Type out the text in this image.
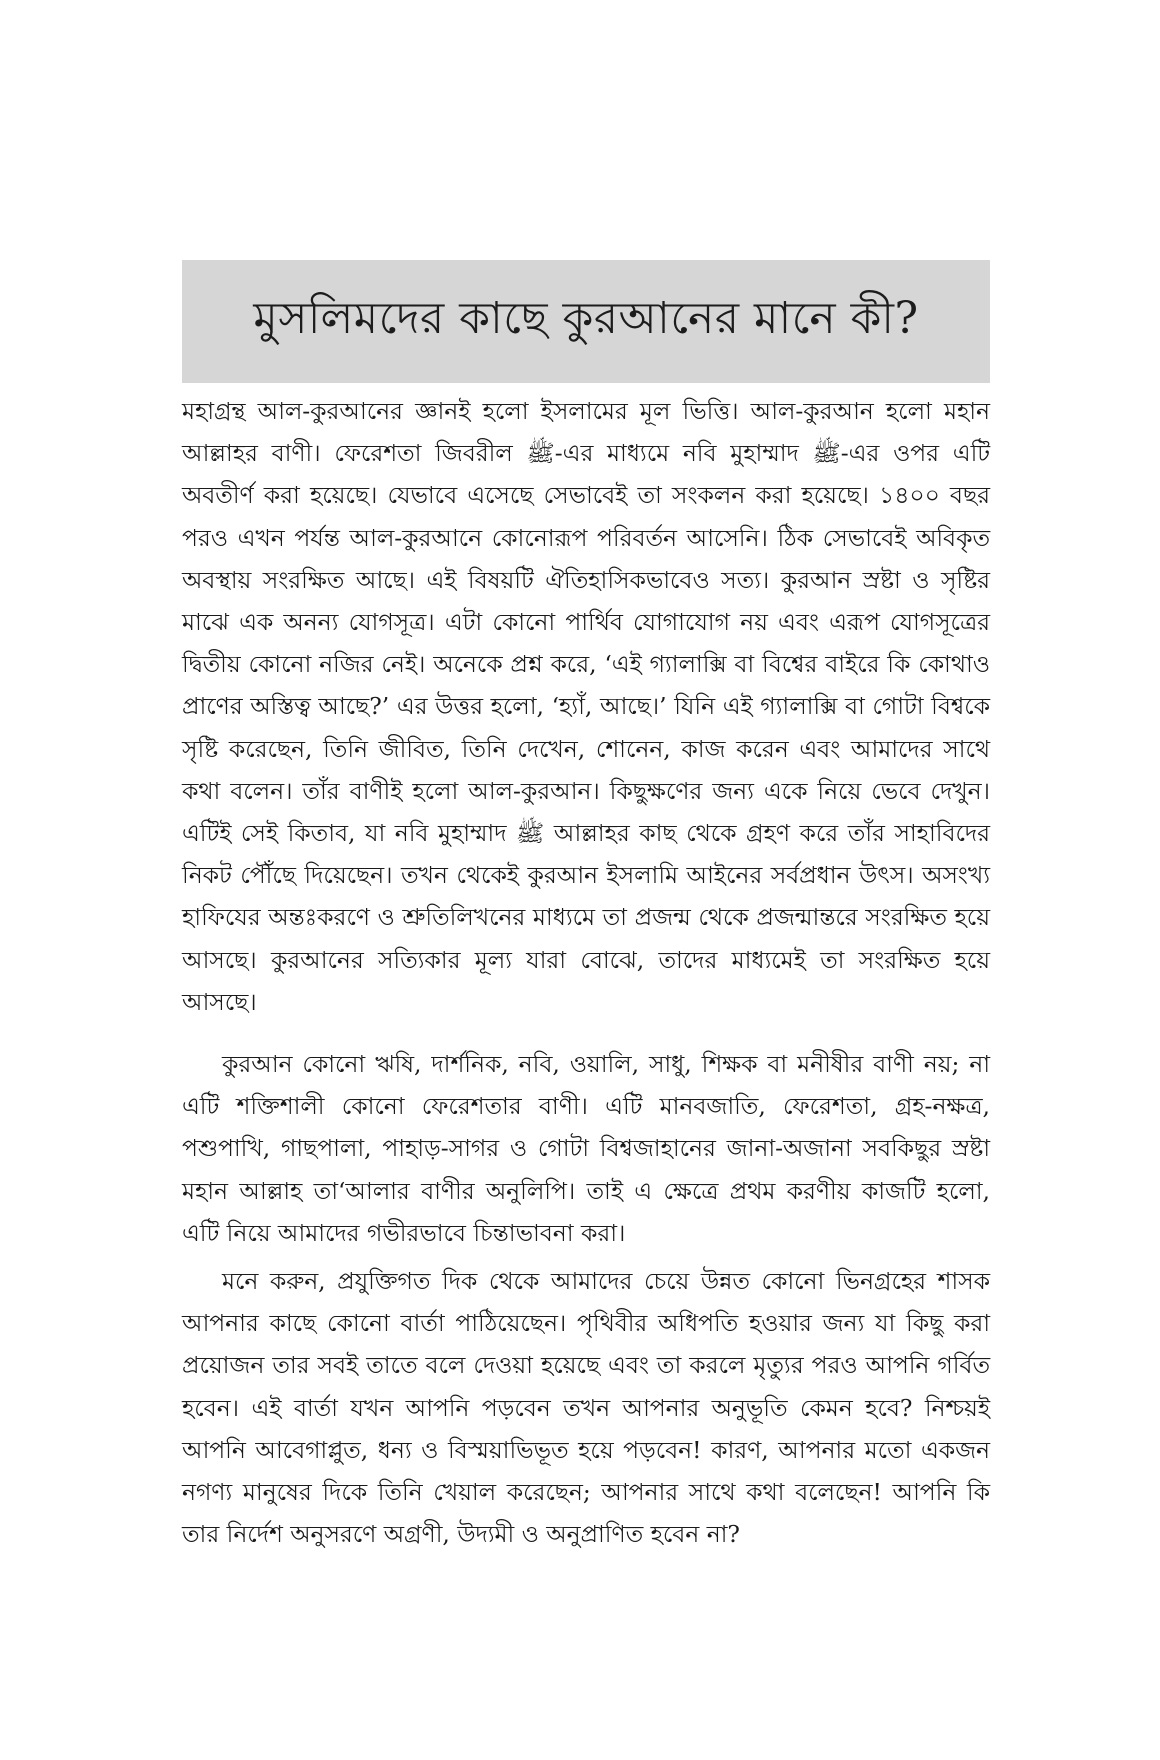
মুসলিমদের কাছে কুরআনের মানে কী?

মহাগ্রন্থ আল-কুরআনের জ্ঞানই হলো ইসলামের মূল ভিত্তি। আল-কুরআন হলো মহান আল্লাহর বাণী। ফেরেশতা জিবরীল ﷺ-এর মাধ্যমে নবি মুহাম্মাদ ﷺ-এর ওপর এটি অবতীর্ণ করা হয়েছে। যেভাবে এসেছে সেভাবেই তা সংকলন করা হয়েছে। ১৪০০ বছর পরও এখন পর্যন্ত আল-কুরআনে কোনোরূপ পরিবর্তন আসেনি। ঠিক সেভাবেই অবিকৃত অবস্থায় সংরক্ষিত আছে। এই বিষয়টি ঐতিহাসিকভাবেও সত্য। কুরআন স্রষ্টা ও সৃষ্টির মাঝে এক অনন্য যোগসূত্র। এটা কোনো পার্থিব যোগাযোগ নয় এবং এরূপ যোগসূত্রের দ্বিতীয় কোনো নজির নেই। অনেকে প্রশ্ন করে, ‘এই গ্যালাক্সি বা বিশ্বের বাইরে কি কোথাও প্রাণের অস্তিত্ব আছে?’ এর উত্তর হলো, ‘হ্যাঁ, আছে।’ যিনি এই গ্যালাক্সি বা গোটা বিশ্বকে সৃষ্টি করেছেন, তিনি জীবিত, তিনি দেখেন, শোনেন, কাজ করেন এবং আমাদের সাথে কথা বলেন। তাঁর বাণীই হলো আল-কুরআন। কিছুক্ষণের জন্য একে নিয়ে ভেবে দেখুন। এটিই সেই কিতাব, যা নবি মুহাম্মাদ ﷺ আল্লাহর কাছ থেকে গ্রহণ করে তাঁর সাহাবিদের নিকট পৌঁছে দিয়েছেন। তখন থেকেই কুরআন ইসলামি আইনের সর্বপ্রধান উৎস। অসংখ্য হাফিযের অন্তঃকরণে ও শ্রুতিলিখনের মাধ্যমে তা প্রজন্ম থেকে প্রজন্মান্তরে সংরক্ষিত হয়ে আসছে। কুরআনের সত্যিকার মূল্য যারা বোঝে, তাদের মাধ্যমেই তা সংরক্ষিত হয়ে আসছে।

কুরআন কোনো ঋষি, দার্শনিক, নবি, ওয়ালি, সাধু, শিক্ষক বা মনীষীর বাণী নয়; না এটি শক্তিশালী কোনো ফেরেশতার বাণী। এটি মানবজাতি, ফেরেশতা, গ্রহ-নক্ষত্র, পশুপাখি, গাছপালা, পাহাড়-সাগর ও গোটা বিশ্বজাহানের জানা-অজানা সবকিছুর স্রষ্টা মহান আল্লাহ তা‘আলার বাণীর অনুলিপি। তাই এ ক্ষেত্রে প্রথম করণীয় কাজটি হলো, এটি নিয়ে আমাদের গভীরভাবে চিন্তাভাবনা করা।

মনে করুন, প্রযুক্তিগত দিক থেকে আমাদের চেয়ে উন্নত কোনো ভিনগ্রহের শাসক আপনার কাছে কোনো বার্তা পাঠিয়েছেন। পৃথিবীর অধিপতি হওয়ার জন্য যা কিছু করা প্রয়োজন তার সবই তাতে বলে দেওয়া হয়েছে এবং তা করলে মৃত্যুর পরও আপনি গর্বিত হবেন। এই বার্তা যখন আপনি পড়বেন তখন আপনার অনুভূতি কেমন হবে? নিশ্চয়ই আপনি আবেগাপ্লুত, ধন্য ও বিস্ময়াভিভূত হয়ে পড়বেন! কারণ, আপনার মতো একজন নগণ্য মানুষের দিকে তিনি খেয়াল করেছেন; আপনার সাথে কথা বলেছেন! আপনি কি তার নির্দেশ অনুসরণে অগ্রণী, উদ্যমী ও অনুপ্রাণিত হবেন না?
